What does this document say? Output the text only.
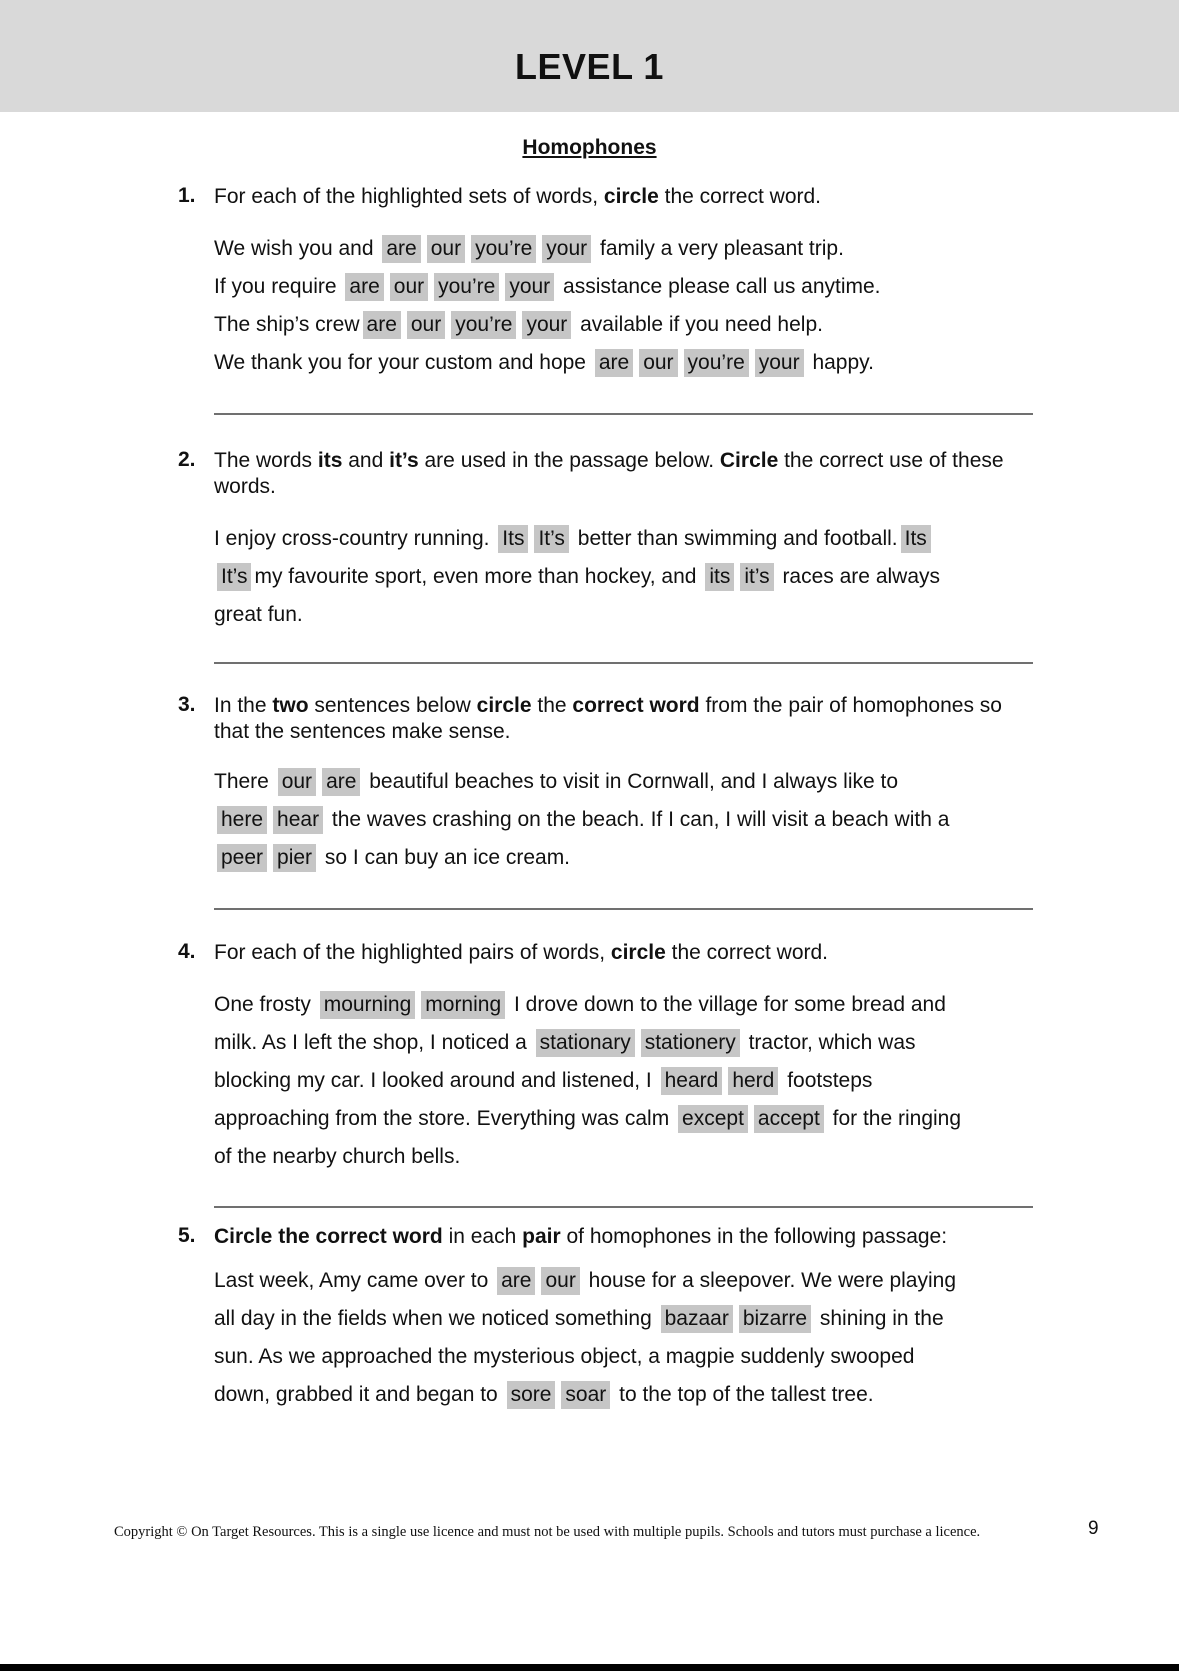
LEVEL 1
Homophones
1. For each of the highlighted sets of words, circle the correct word.
We wish you and are our you’re your family a very pleasant trip.
If you require are our you’re your assistance please call us anytime.
The ship’s crew are our you’re your available if you need help.
We thank you for your custom and hope are our you’re your happy.
2. The words its and it’s are used in the passage below. Circle the correct use of these words.
I enjoy cross-country running. Its It’s better than swimming and football. Its
It’s my favourite sport, even more than hockey, and its it’s races are always
great fun.
3. In the two sentences below circle the correct word from the pair of homophones so that the sentences make sense.
There our are beautiful beaches to visit in Cornwall, and I always like to
here hear the waves crashing on the beach. If I can, I will visit a beach with a
peer pier so I can buy an ice cream.
4. For each of the highlighted pairs of words, circle the correct word.
One frosty mourning morning I drove down to the village for some bread and
milk. As I left the shop, I noticed a stationary stationery tractor, which was
blocking my car. I looked around and listened, I heard herd footsteps
approaching from the store. Everything was calm except accept for the ringing
of the nearby church bells.
5. Circle the correct word in each pair of homophones in the following passage:
Last week, Amy came over to are our house for a sleepover. We were playing
all day in the fields when we noticed something bazaar bizarre shining in the
sun. As we approached the mysterious object, a magpie suddenly swooped
down, grabbed it and began to sore soar to the top of the tallest tree.
Copyright © On Target Resources. This is a single use licence and must not be used with multiple pupils. Schools and tutors must purchase a licence.	9
